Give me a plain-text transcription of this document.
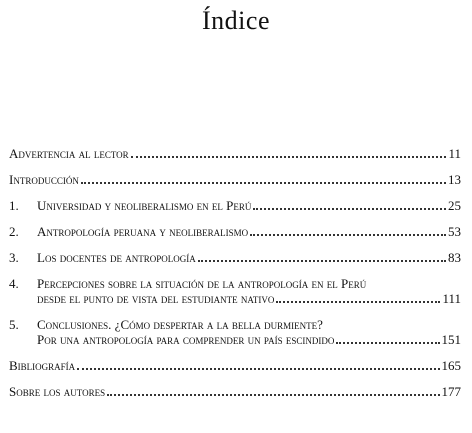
Índice
Advertencia al lector	11
Introducción	13
1.	Universidad y neoliberalismo en el Perú	25
2.	Antropología peruana y neoliberalismo	53
3.	Los docentes de antropología	83
4.	Percepciones sobre la situación de la antropología en el Perú
desde el punto de vista del estudiante nativo	111
5.	Conclusiones. ¿Cómo despertar a la bella durmiente?
Por una antropología para comprender un país escindido	151
Bibliografía	165
Sobre los autores	177
